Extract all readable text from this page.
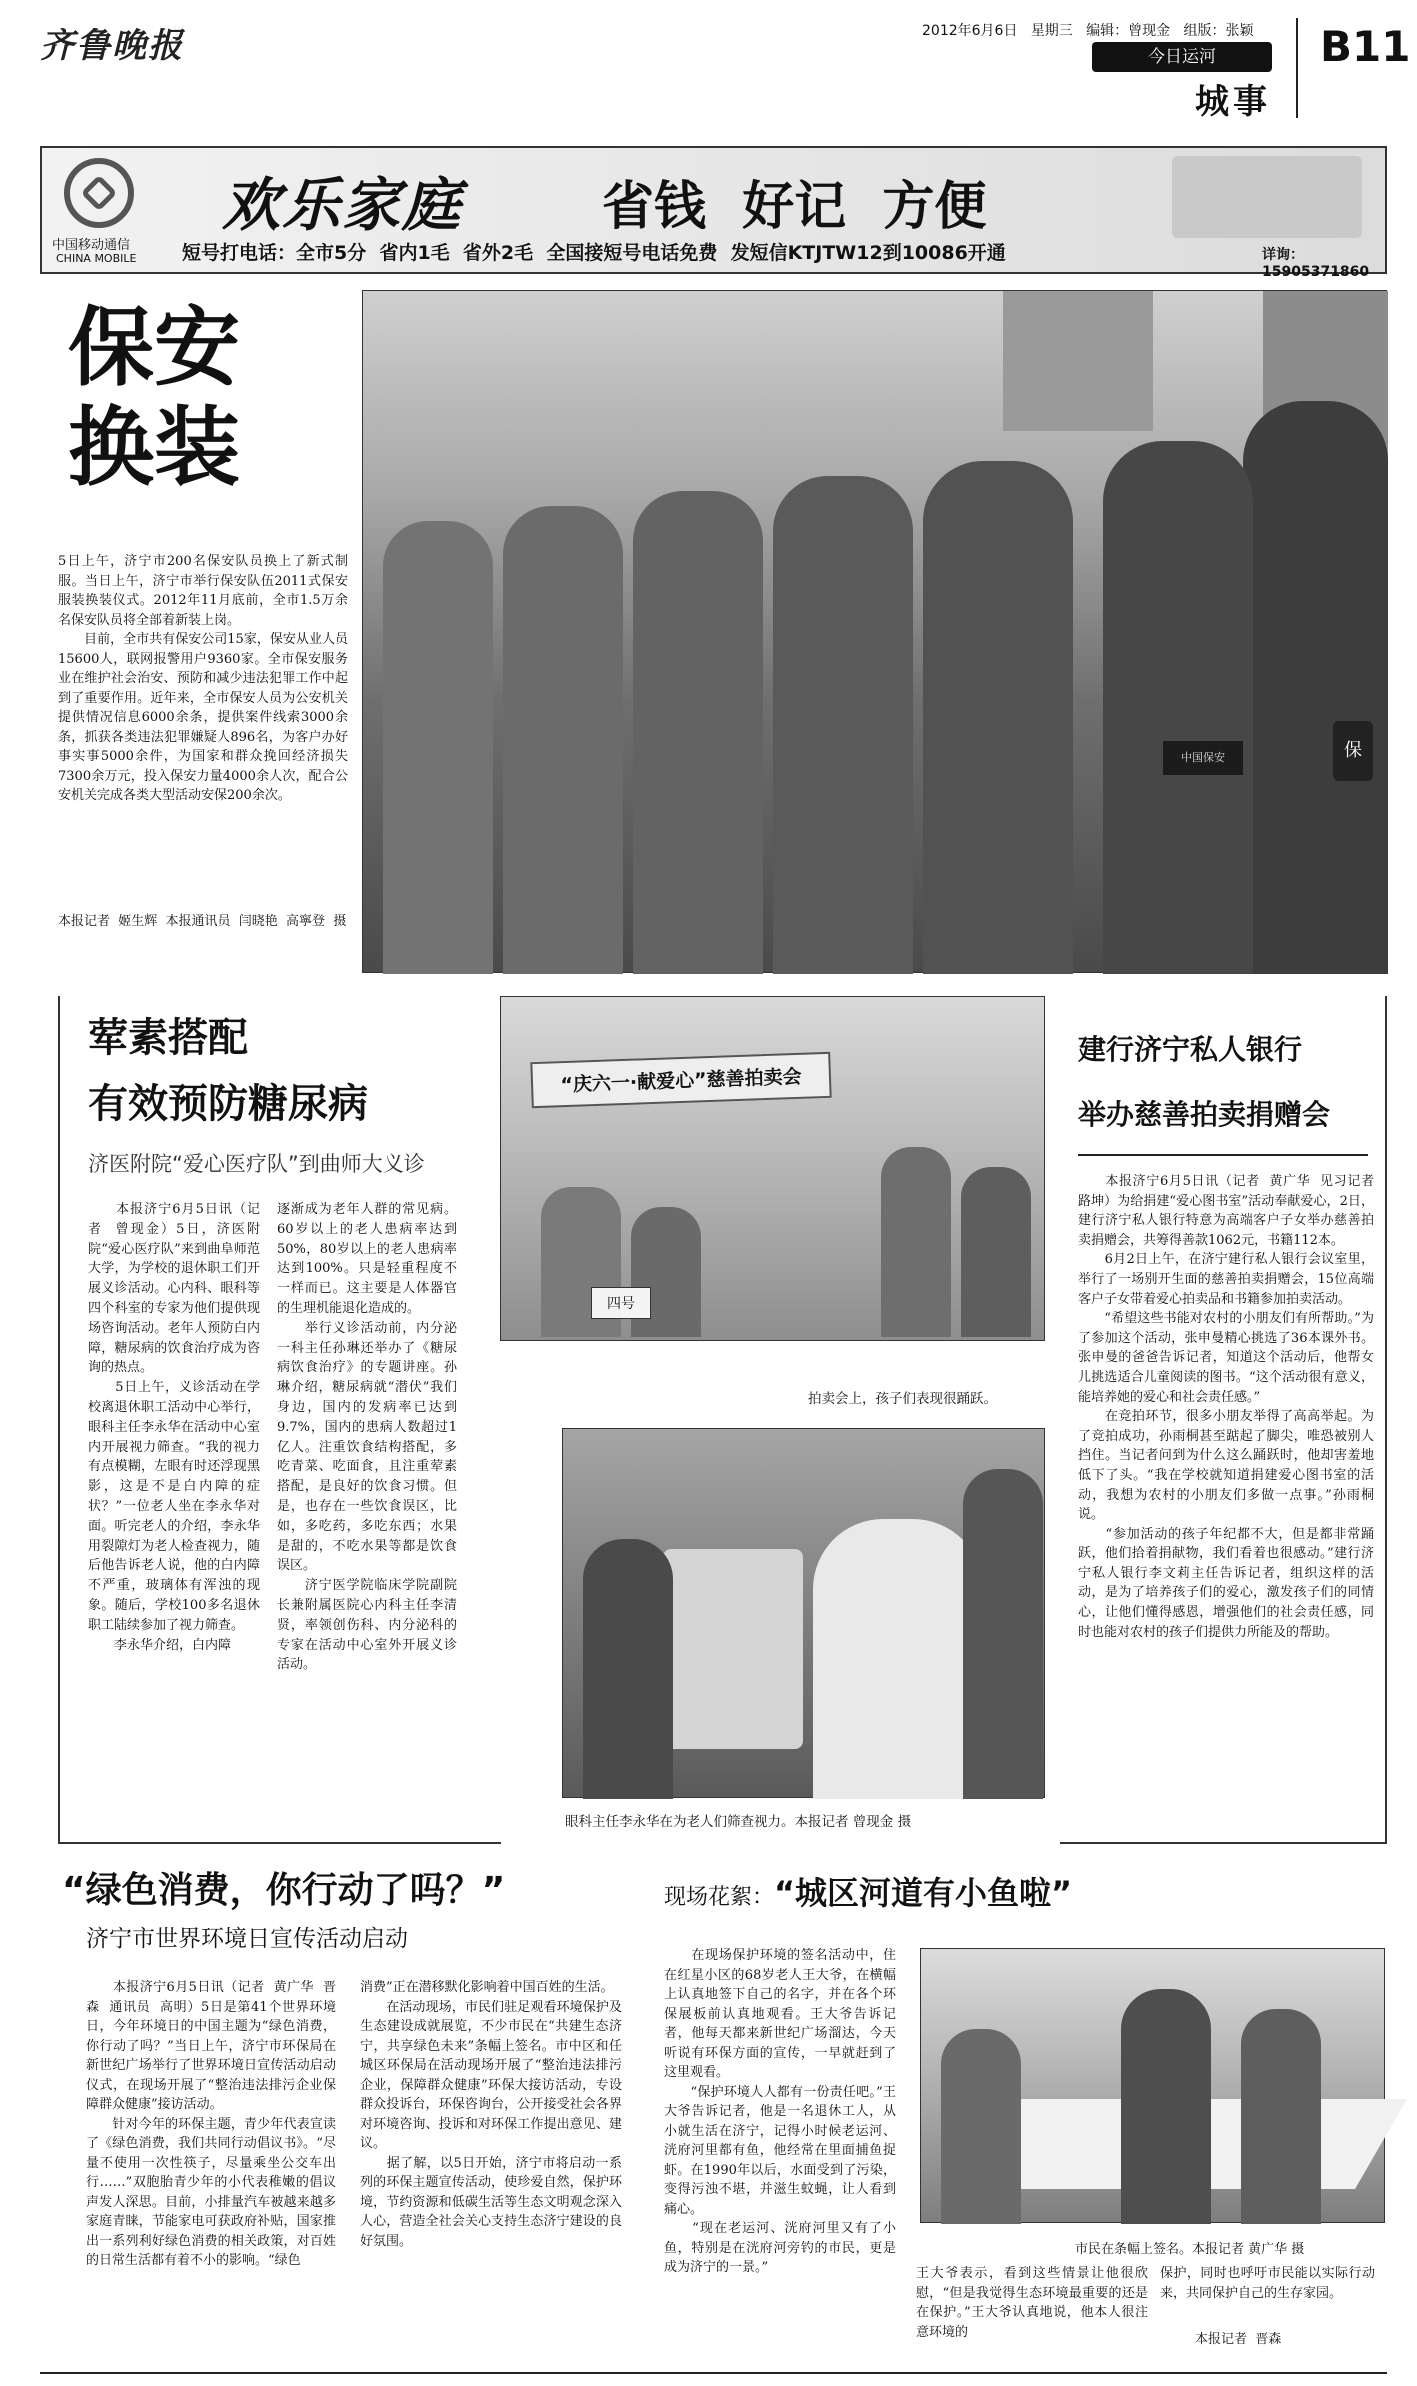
齐鲁晚报	2012年6月6日 星期三 编辑：曾现金 组版：张颖
今日运河
城事
B11
中国移动通信
CHINA MOBILE
欢乐家庭	省钱  好记  方便
短号打电话：全市5分  省内1毛  省外2毛  全国接短号电话免费  发短信KTJTW12到10086开通	详询：15905371860
保安
换装
5日上午，济宁市200名保安队员换上了新式制服。当日上午，济宁市举行保安队伍2011式保安服装换装仪式。2012年11月底前，全市1.5万余名保安队员将全部着新装上岗。
　　目前，全市共有保安公司15家，保安从业人员15600人，联网报警用户9360家。全市保安服务业在维护社会治安、预防和减少违法犯罪工作中起到了重要作用。近年来，全市保安人员为公安机关提供情况信息6000余条，提供案件线索3000余条，抓获各类违法犯罪嫌疑人896名，为客户办好事实事5000余件，为国家和群众挽回经济损失7300余万元，投入保安力量4000余人次，配合公安机关完成各类大型活动安保200余次。
本报记者  姬生辉  本报通讯员  闫晓艳  高寧登  摄
保
中国保安
荤素搭配
有效预防糖尿病
济医附院“爱心医疗队”到曲师大义诊
　　本报济宁6月5日讯（记者  曾现金）5日，济医附院“爱心医疗队”来到曲阜师范大学，为学校的退休职工们开展义诊活动。心内科、眼科等四个科室的专家为他们提供现场咨询活动。老年人预防白内障，糖尿病的饮食治疗成为咨询的热点。
　　5日上午，义诊活动在学校离退休职工活动中心举行，眼科主任李永华在活动中心室内开展视力筛查。“我的视力有点模糊，左眼有时还浮现黑影，这是不是白内障的症状？”一位老人坐在李永华对面。听完老人的介绍，李永华用裂隙灯为老人检查视力，随后他告诉老人说，他的白内障不严重，玻璃体有浑浊的现象。随后，学校100多名退休职工陆续参加了视力筛查。
　　李永华介绍，白内障
逐渐成为老年人群的常见病。60岁以上的老人患病率达到50%，80岁以上的老人患病率达到100%。只是轻重程度不一样而已。这主要是人体器官的生理机能退化造成的。
　　举行义诊活动前，内分泌一科主任孙琳还举办了《糖尿病饮食治疗》的专题讲座。孙琳介绍，糖尿病就“潜伏”我们身边，国内的发病率已达到9.7%，国内的患病人数超过1亿人。注重饮食结构搭配，多吃青菜、吃面食，且注重荤素搭配，是良好的饮食习惯。但是，也存在一些饮食误区，比如，多吃药，多吃东西；水果是甜的，不吃水果等都是饮食误区。
　　济宁医学院临床学院副院长兼附属医院心内科主任李清贤，率领创伤科、内分泌科的专家在活动中心室外开展义诊活动。
“庆六一·献爱心”慈善拍卖会
四号
拍卖会上，孩子们表现很踊跃。
眼科主任李永华在为老人们筛查视力。本报记者 曾现金 摄
建行济宁私人银行
举办慈善拍卖捐赠会
　　本报济宁6月5日讯（记者  黄广华  见习记者  路坤）为给捐建“爱心图书室”活动奉献爱心，2日，建行济宁私人银行特意为高端客户子女举办慈善拍卖捐赠会，共筹得善款1062元，书籍112本。
　　6月2日上午，在济宁建行私人银行会议室里，举行了一场别开生面的慈善拍卖捐赠会，15位高端客户子女带着爱心拍卖品和书籍参加拍卖活动。
　　“希望这些书能对农村的小朋友们有所帮助。”为了参加这个活动，张申曼精心挑选了36本课外书。张申曼的爸爸告诉记者，知道这个活动后，他帮女儿挑选适合儿童阅读的图书。“这个活动很有意义，能培养她的爱心和社会责任感。”
　　在竞拍环节，很多小朋友举得了高高举起。为了竞拍成功，孙雨桐甚至踮起了脚尖，唯恐被别人挡住。当记者问到为什么这么踊跃时，他却害羞地低下了头。“我在学校就知道捐建爱心图书室的活动，我想为农村的小朋友们多做一点事。”孙雨桐说。
　　“参加活动的孩子年纪都不大，但是都非常踊跃，他们拾着捐献物，我们看着也很感动。”建行济宁私人银行李文莉主任告诉记者，组织这样的活动，是为了培养孩子们的爱心，激发孩子们的同情心，让他们懂得感恩，增强他们的社会责任感，同时也能对农村的孩子们提供力所能及的帮助。
“绿色消费，你行动了吗？”
济宁市世界环境日宣传活动启动
　　本报济宁6月5日讯（记者  黄广华  晋森  通讯员  高明）5日是第41个世界环境日，今年环境日的中国主题为“绿色消费，你行动了吗？”当日上午，济宁市环保局在新世纪广场举行了世界环境日宣传活动启动仪式，在现场开展了“整治违法排污企业保障群众健康”接访活动。
　　针对今年的环保主题，青少年代表宣读了《绿色消费，我们共同行动倡议书》。“尽量不使用一次性筷子，尽量乘坐公交车出行……”双胞胎青少年的小代表稚嫩的倡议声发人深思。目前，小排量汽车被越来越多家庭青睐，节能家电可获政府补贴，国家推出一系列利好绿色消费的相关政策，对百姓的日常生活都有着不小的影响。“绿色
消费”正在潜移默化影响着中国百姓的生活。
　　在活动现场，市民们驻足观看环境保护及生态建设成就展览，不少市民在“共建生态济宁，共享绿色未来”条幅上签名。市中区和任城区环保局在活动现场开展了“整治违法排污企业，保障群众健康”环保大接访活动，专设群众投诉台，环保咨询台，公开接受社会各界对环境咨询、投诉和对环保工作提出意见、建议。
　　据了解，以5日开始，济宁市将启动一系列的环保主题宣传活动，使珍爱自然，保护环境，节约资源和低碳生活等生态文明观念深入人心，营造全社会关心支持生态济宁建设的良好氛围。
现场花絮：“城区河道有小鱼啦”
　　在现场保护环境的签名活动中，住在红星小区的68岁老人王大爷，在横幅上认真地签下自己的名字，并在各个环保展板前认真地观看。王大爷告诉记者，他每天都来新世纪广场溜达，今天听说有环保方面的宣传，一早就赶到了这里观看。
　　“保护环境人人都有一份责任吧。”王大爷告诉记者，他是一名退休工人，从小就生活在济宁，记得小时候老运河、洸府河里都有鱼，他经常在里面捕鱼捉虾。在1990年以后，水面受到了污染，变得污浊不堪，并滋生蚊蝇，让人看到痛心。
　　“现在老运河、洸府河里又有了小鱼，特别是在洸府河旁钓的市民，更是成为济宁的一景。”
市民在条幅上签名。本报记者 黄广华 摄
王大爷表示，看到这些情景让他很欣慰，“但是我觉得生态环境最重要的还是在保护。”王大爷认真地说，他本人很注意环境的
保护，同时也呼吁市民能以实际行动来，共同保护自己的生存家园。
本报记者  晋森
